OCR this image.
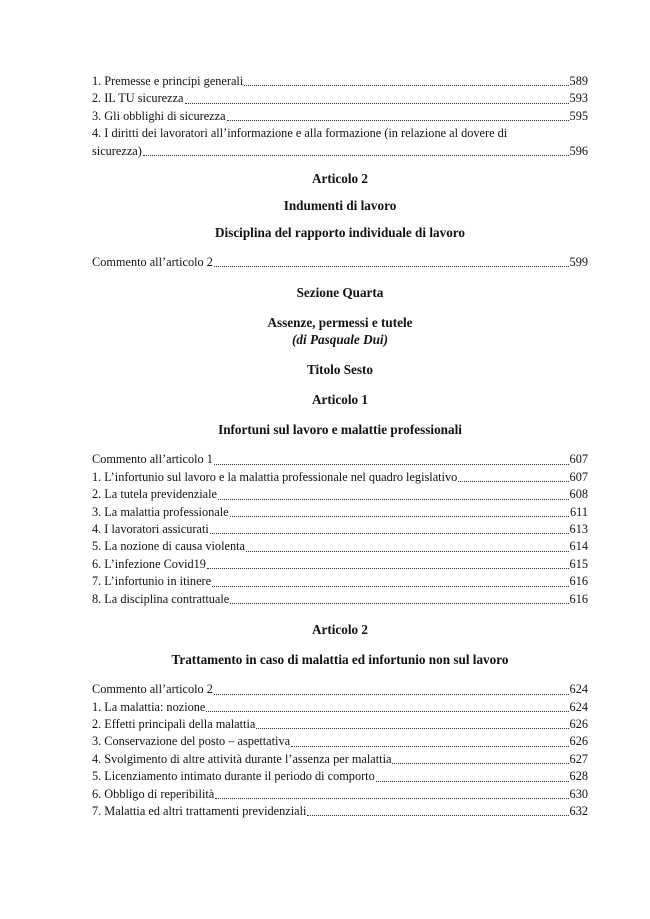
1. Premesse e principi generali	589
2. IL TU sicurezza	593
3. Gli obblighi di sicurezza	595
4. I diritti dei lavoratori all’informazione e alla formazione (in relazione al dovere di
sicurezza)	596
Articolo 2
Indumenti di lavoro
Disciplina del rapporto individuale di lavoro
Commento all’articolo 2	599
Sezione Quarta
Assenze, permessi e tutele
(di Pasquale Dui)
Titolo Sesto
Articolo 1
Infortuni sul lavoro e malattie professionali
Commento all’articolo 1	607
1. L’infortunio sul lavoro e la malattia professionale nel quadro legislativo	607
2. La tutela previdenziale	608
3. La malattia professionale	611
4. I lavoratori assicurati	613
5. La nozione di causa violenta	614
6. L’infezione Covid19	615
7. L’infortunio in itinere	616
8. La disciplina contrattuale	616
Articolo 2
Trattamento in caso di malattia ed infortunio non sul lavoro
Commento all’articolo 2	624
1. La malattia: nozione	624
2. Effetti principali della malattia	626
3. Conservazione del posto – aspettativa	626
4. Svolgimento di altre attività durante l’assenza per malattia	627
5. Licenziamento intimato durante il periodo di comporto	628
6. Obbligo di reperibilità	630
7. Malattia ed altri trattamenti previdenziali	632
